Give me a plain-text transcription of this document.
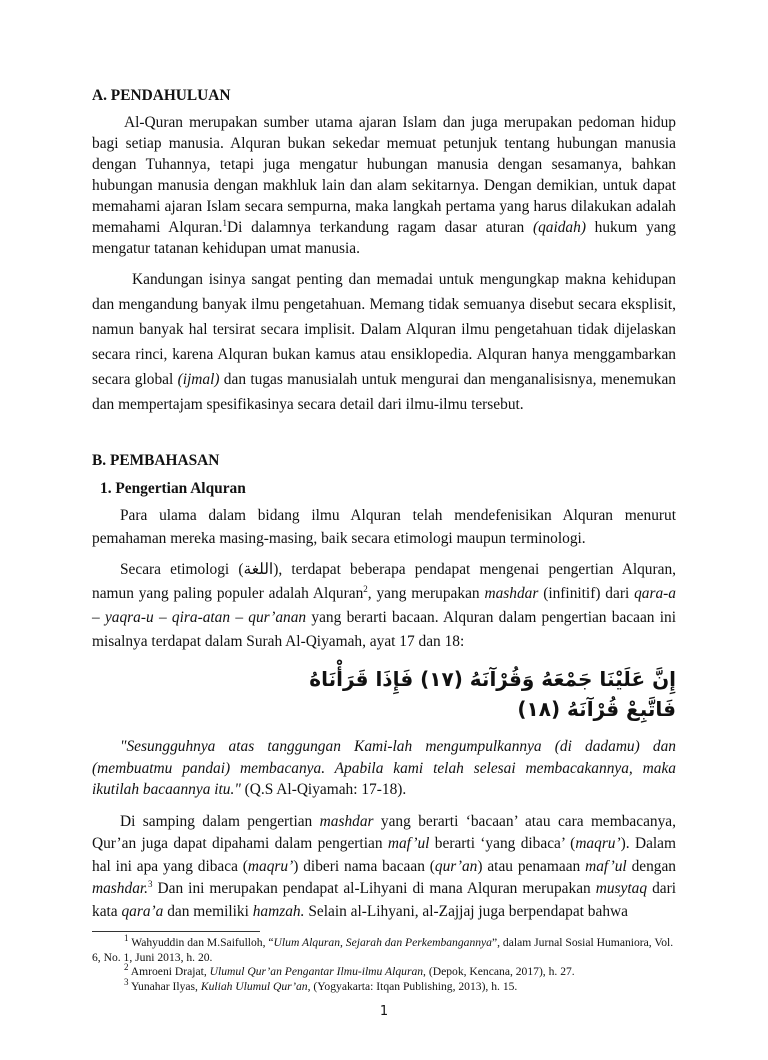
A. PENDAHULUAN
Al-Quran merupakan sumber utama ajaran Islam dan juga merupakan pedoman hidup bagi setiap manusia. Alquran bukan sekedar memuat petunjuk tentang hubungan manusia dengan Tuhannya, tetapi juga mengatur hubungan manusia dengan sesamanya, bahkan hubungan manusia dengan makhluk lain dan alam sekitarnya. Dengan demikian, untuk dapat memahami ajaran Islam secara sempurna, maka langkah pertama yang harus dilakukan adalah memahami Alquran.$^1$Di dalamnya terkandung ragam dasar aturan (qaidah) hukum yang mengatur tatanan kehidupan umat manusia.
Kandungan isinya sangat penting dan memadai untuk mengungkap makna kehidupan dan mengandung banyak ilmu pengetahuan. Memang tidak semuanya disebut secara eksplisit, namun banyak hal tersirat secara implisit. Dalam Alquran ilmu pengetahuan tidak dijelaskan secara rinci, karena Alquran bukan kamus atau ensiklopedia. Alquran hanya menggambarkan secara global (ijmal) dan tugas manusialah untuk mengurai dan menganalisisnya, menemukan dan mempertajam spesifikasinya secara detail dari ilmu-ilmu tersebut.
B. PEMBAHASAN
1. Pengertian Alquran
Para ulama dalam bidang ilmu Alquran telah mendefenisikan Alquran menurut pemahaman mereka masing-masing, baik secara etimologi maupun terminologi.
Secara etimologi (اللغة), terdapat beberapa pendapat mengenai pengertian Alquran, namun yang paling populer adalah Alquran$^2$, yang merupakan mashdar (infinitif) dari qara-a – yaqra-u – qira-atan – qur’anan yang berarti bacaan. Alquran dalam pengertian bacaan ini misalnya terdapat dalam Surah Al-Qiyamah, ayat 17 dan 18:
إِنَّ عَلَيْنَا جَمْعَهُ وَقُرْآنَهُ (١٧) فَإِذَا قَرَأْنَاهُ فَاتَّبِعْ قُرْآنَهُ (١٨)
"Sesungguhnya atas tanggungan Kami-lah mengumpulkannya (di dadamu) dan (membuatmu pandai) membacanya. Apabila kami telah selesai membacakannya, maka ikutilah bacaannya itu." (Q.S Al-Qiyamah: 17-18).
Di samping dalam pengertian mashdar yang berarti ‘bacaan’ atau cara membacanya, Qur’an juga dapat dipahami dalam pengertian maf’ul berarti ‘yang dibaca’ (maqru’). Dalam hal ini apa yang dibaca (maqru’) diberi nama bacaan (qur’an) atau penamaan maf’ul dengan mashdar.$^3$ Dan ini merupakan pendapat al-Lihyani di mana Alquran merupakan musytaq dari kata qara’a dan memiliki hamzah. Selain al-Lihyani, al-Zajjaj juga berpendapat bahwa
$^1$ Wahyuddin dan M.Saifulloh, “Ulum Alquran, Sejarah dan Perkembangannya”, dalam Jurnal Sosial Humaniora, Vol. 6, No. 1, Juni 2013, h. 20.
$^2$ Amroeni Drajat, Ulumul Qur’an Pengantar Ilmu-ilmu Alquran, (Depok, Kencana, 2017), h. 27.
$^3$ Yunahar Ilyas, Kuliah Ulumul Qur’an, (Yogyakarta: Itqan Publishing, 2013), h. 15.
1
